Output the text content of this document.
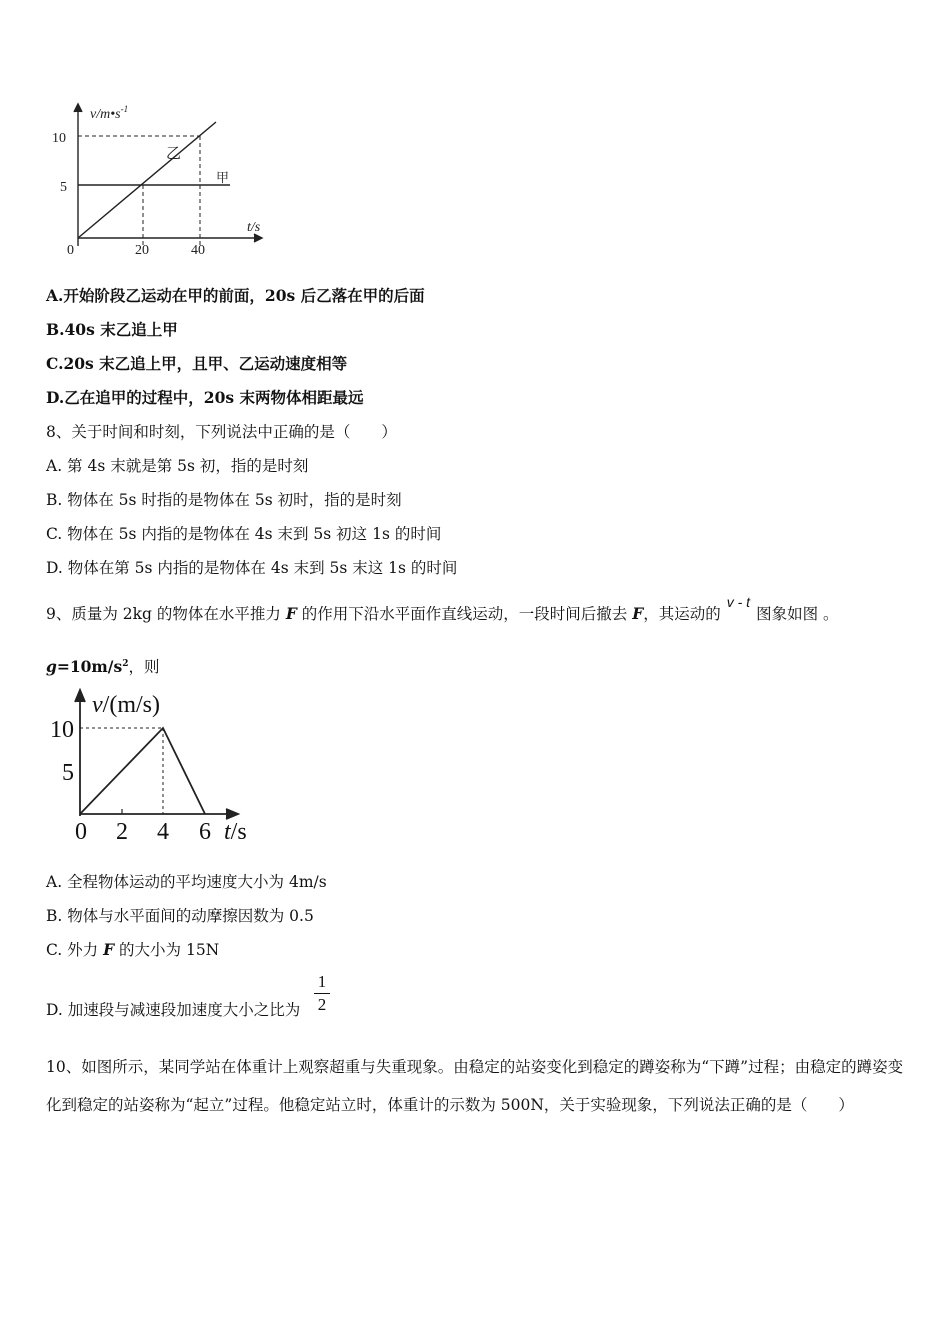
$v/m•s^{-1}$
10
5
0	20	40
t/s
乙
甲
A.开始阶段乙运动在甲的前面，20s 后乙落在甲的后面
B.40s 末乙追上甲
C.20s 末乙追上甲，且甲、乙运动速度相等
D.乙在追甲的过程中，20s 末两物体相距最远
8、关于时间和时刻，下列说法中正确的是（　　）
A. 第 4s 末就是第 5s 初，指的是时刻
B. 物体在 5s 时指的是物体在 5s 初时，指的是时刻
C. 物体在 5s 内指的是物体在 4s 末到 5s 初这 1s 的时间
D. 物体在第 5s 内指的是物体在 4s 末到 5s 末这 1s 的时间
9、质量为 2kg 的物体在水平推力 F 的作用下沿水平面作直线运动，一段时间后撤去 F，其运动的v - t图象如图 。
$g=10m/s^2$，则
v/(m/s)
10
5
0 2 4 6 t/s
A. 全程物体运动的平均速度大小为 4m/s
B. 物体与水平面间的动摩擦因数为 0.5
C. 外力 F 的大小为 15N
D. 加速段与减速段加速度大小之比为
1
2
10、如图所示，某同学站在体重计上观察超重与失重现象。由稳定的站姿变化到稳定的蹲姿称为“下蹲”过程；由稳定的蹲姿变化到稳定的站姿称为“起立”过程。他稳定站立时，体重计的示数为 500N，关于实验现象，下列说法正确的是（　　）
